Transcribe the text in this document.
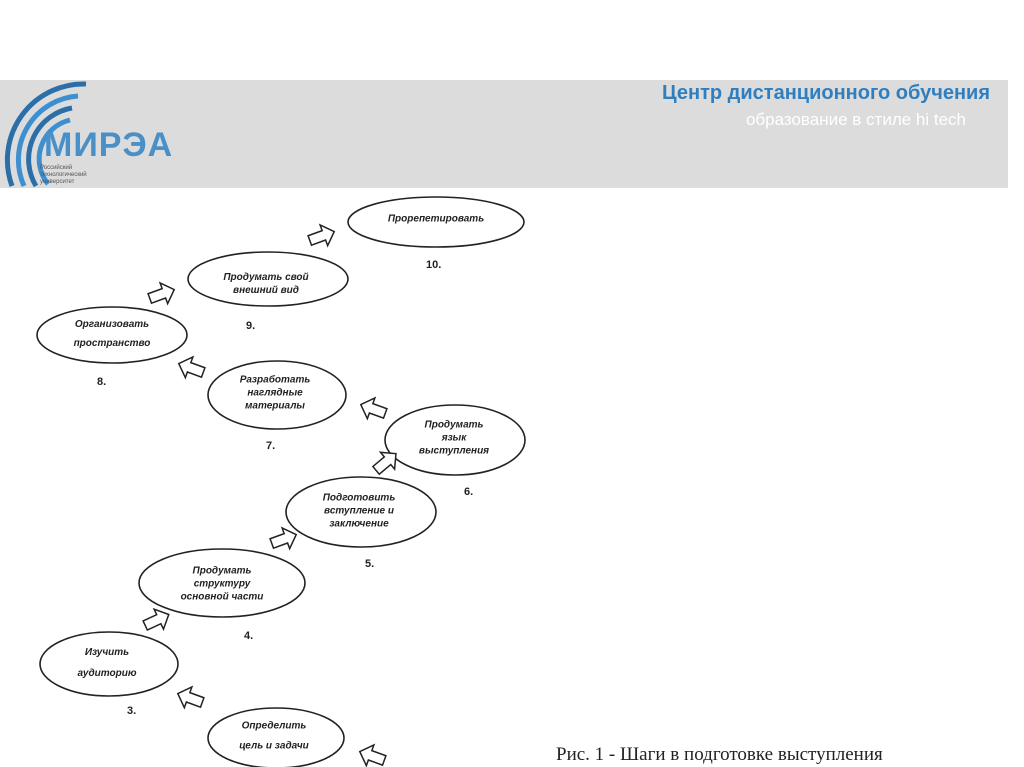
МИРЭА
Российский
технологический
университет
Центр дистанционного обучения
образование в стиле hi tech
Прорепетировать
Продумать свой
внешний вид
Организовать
пространство
Разработать
наглядные
материалы
Продумать
язык
выступления
Подготовить
вступление и
заключение
Продумать
структуру
основной части
Изучить
аудиторию
Определить
цель и задачи
10.
9.
8.
7.
6.
5.
4.
3.
Рис. 1 - Шаги в подготовке выступления
